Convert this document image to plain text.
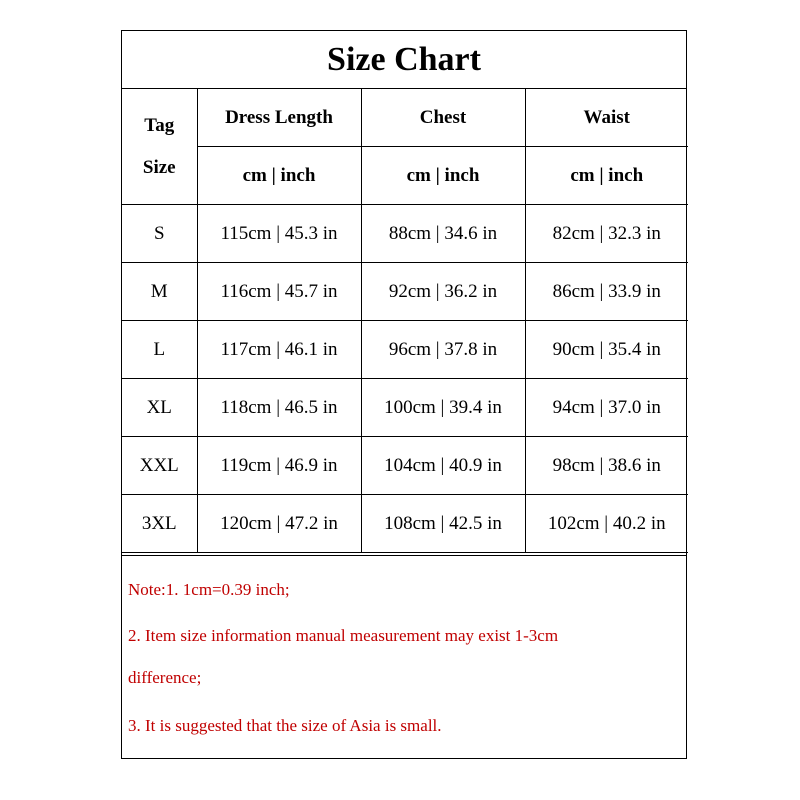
Size Chart
Tag
Size	Dress Length	Chest	Waist
	cm | inch	cm | inch	cm | inch
S	115cm | 45.3 in	88cm | 34.6 in	82cm | 32.3 in
M	116cm | 45.7 in	92cm | 36.2 in	86cm | 33.9 in
L	117cm | 46.1 in	96cm | 37.8 in	90cm | 35.4 in
XL	118cm | 46.5 in	100cm | 39.4 in	94cm | 37.0 in
XXL	119cm | 46.9 in	104cm | 40.9 in	98cm | 38.6 in
3XL	120cm | 47.2 in	108cm | 42.5 in	102cm | 40.2 in

Note:1. 1cm=0.39 inch;

2. Item size information manual measurement may exist 1-3cm

difference;

3. It is suggested that the size of Asia is small.
